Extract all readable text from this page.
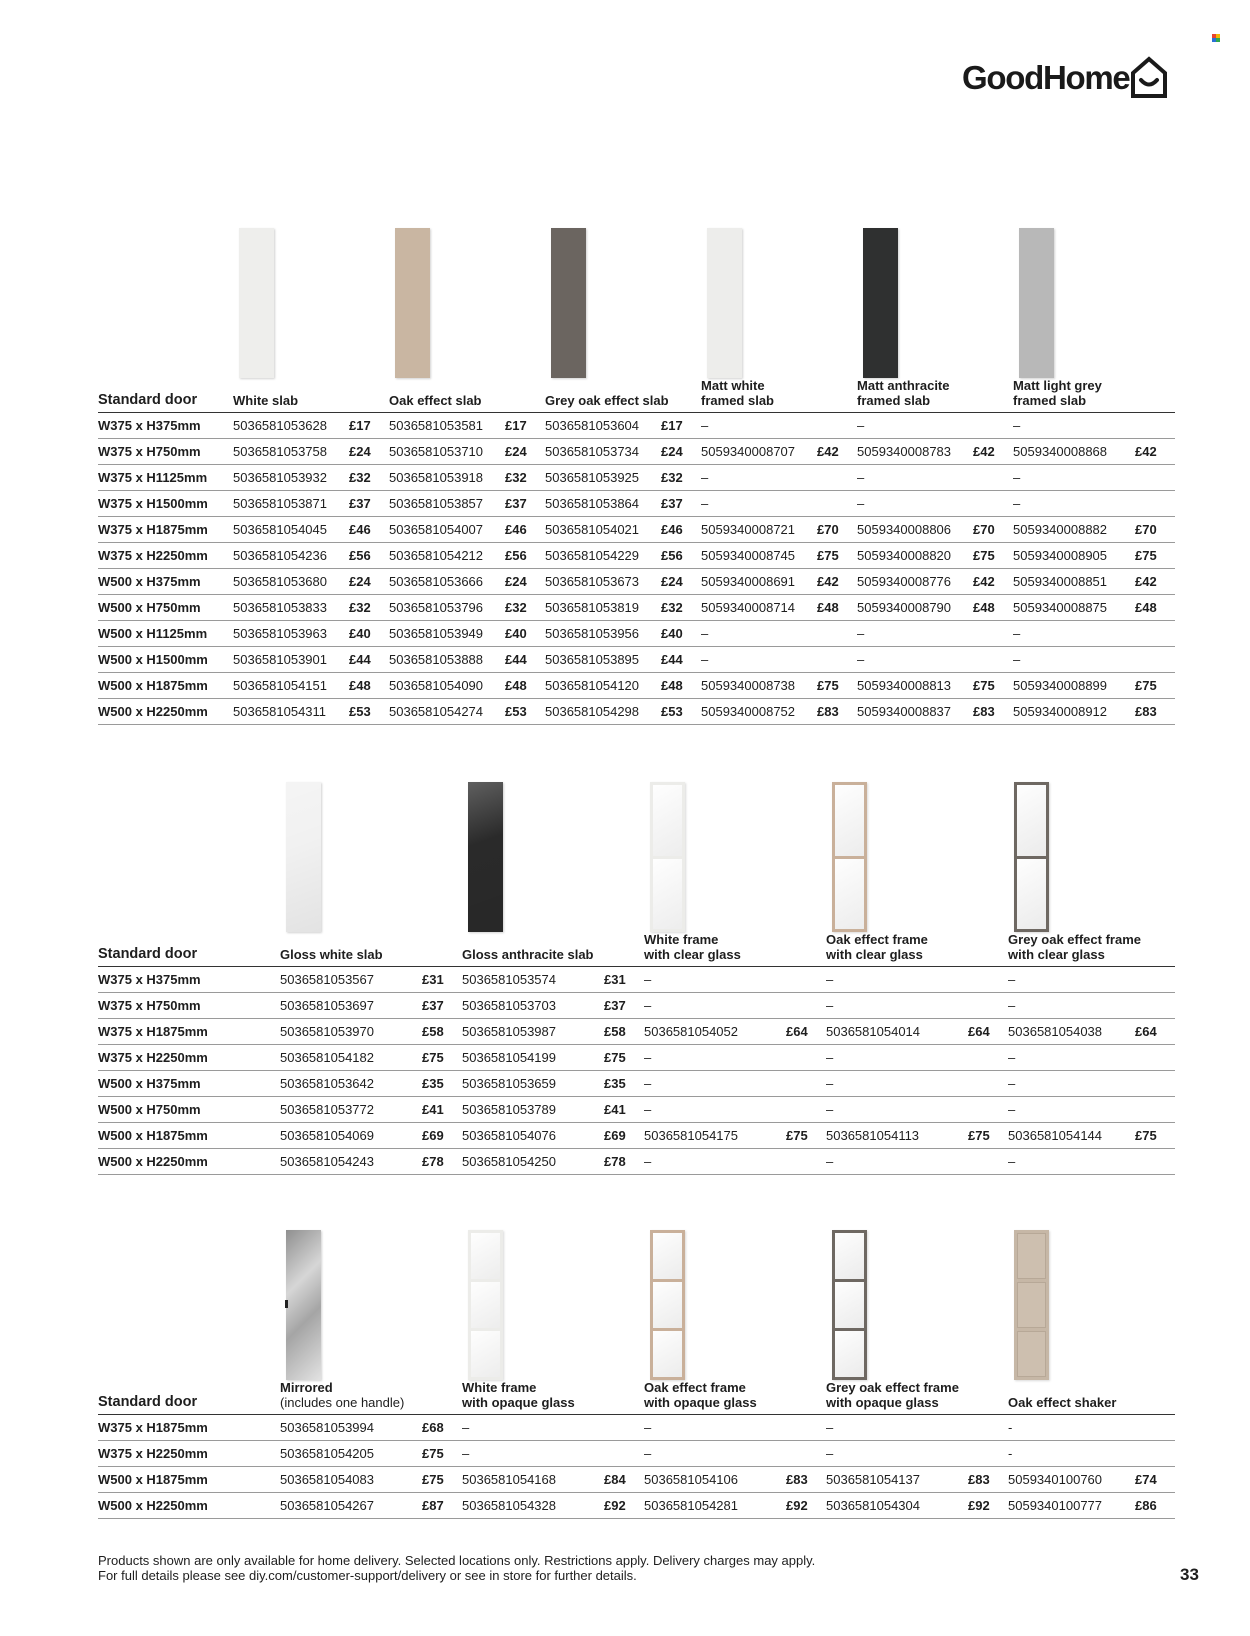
GoodHome
Standard door	White slab		Oak effect slab		Grey oak effect slab		Matt white
framed slab		Matt anthracite
framed slab		Matt light grey
framed slab	

W375 x H375mm	5036581053628	£17	5036581053581	£17	5036581053604	£17	–		–		–	
W375 x H750mm	5036581053758	£24	5036581053710	£24	5036581053734	£24	5059340008707	£42	5059340008783	£42	5059340008868	£42
W375 x H1125mm	5036581053932	£32	5036581053918	£32	5036581053925	£32	–		–		–	
W375 x H1500mm	5036581053871	£37	5036581053857	£37	5036581053864	£37	–		–		–	
W375 x H1875mm	5036581054045	£46	5036581054007	£46	5036581054021	£46	5059340008721	£70	5059340008806	£70	5059340008882	£70
W375 x H2250mm	5036581054236	£56	5036581054212	£56	5036581054229	£56	5059340008745	£75	5059340008820	£75	5059340008905	£75
W500 x H375mm	5036581053680	£24	5036581053666	£24	5036581053673	£24	5059340008691	£42	5059340008776	£42	5059340008851	£42
W500 x H750mm	5036581053833	£32	5036581053796	£32	5036581053819	£32	5059340008714	£48	5059340008790	£48	5059340008875	£48
W500 x H1125mm	5036581053963	£40	5036581053949	£40	5036581053956	£40	–		–		–	
W500 x H1500mm	5036581053901	£44	5036581053888	£44	5036581053895	£44	–		–		–	
W500 x H1875mm	5036581054151	£48	5036581054090	£48	5036581054120	£48	5059340008738	£75	5059340008813	£75	5059340008899	£75
W500 x H2250mm	5036581054311	£53	5036581054274	£53	5036581054298	£53	5059340008752	£83	5059340008837	£83	5059340008912	£83
Standard door	Gloss white slab		Gloss anthracite slab		White frame
with clear glass		Oak effect frame
with clear glass		Grey oak effect frame
with clear glass	

W375 x H375mm	5036581053567	£31	5036581053574	£31	–		–		–	
W375 x H750mm	5036581053697	£37	5036581053703	£37	–		–		–	
W375 x H1875mm	5036581053970	£58	5036581053987	£58	5036581054052	£64	5036581054014	£64	5036581054038	£64
W375 x H2250mm	5036581054182	£75	5036581054199	£75	–		–		–	
W500 x H375mm	5036581053642	£35	5036581053659	£35	–		–		–	
W500 x H750mm	5036581053772	£41	5036581053789	£41	–		–		–	
W500 x H1875mm	5036581054069	£69	5036581054076	£69	5036581054175	£75	5036581054113	£75	5036581054144	£75
W500 x H2250mm	5036581054243	£78	5036581054250	£78	–		–		–	
Standard door	Mirrored
(includes one handle)		White frame
with opaque glass		Oak effect frame
with opaque glass		Grey oak effect frame
with opaque glass		Oak effect shaker	

W375 x H1875mm	5036581053994	£68	–		–		–		-	
W375 x H2250mm	5036581054205	£75	–		–		–		-	
W500 x H1875mm	5036581054083	£75	5036581054168	£84	5036581054106	£83	5036581054137	£83	5059340100760	£74
W500 x H2250mm	5036581054267	£87	5036581054328	£92	5036581054281	£92	5036581054304	£92	5059340100777	£86
Products shown are only available for home delivery. Selected locations only. Restrictions apply. Delivery charges may apply.
For full details please see diy.com/customer-support/delivery or see in store for further details.	33
